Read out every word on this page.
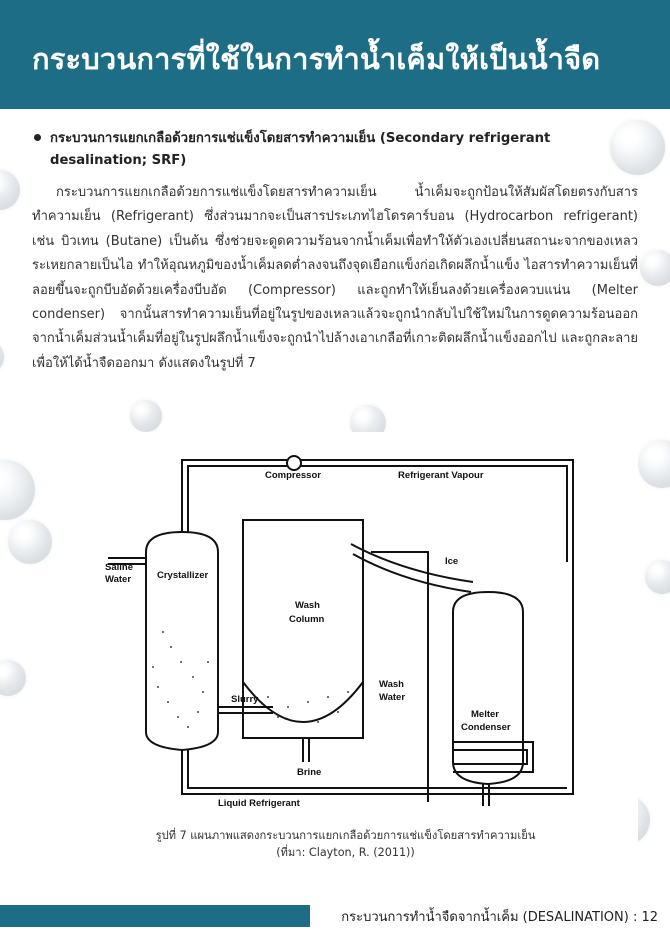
กระบวนการที่ใช้ในการทำน้ำเค็มให้เป็นน้ำจืด
กระบวนการแยกเกลือด้วยการแช่แข็งโดยสารทำความเย็น (Secondary refrigerant desalination; SRF)
กระบวนการแยกเกลือด้วยการแช่แข็งโดยสารทำความเย็น น้ำเค็มจะถูกป้อนให้สัมผัสโดยตรงกับสารทำความเย็น (Refrigerant) ซึ่งส่วนมากจะเป็นสารประเภทไฮโดรคาร์บอน (Hydrocarbon refrigerant) เช่น บิวเทน (Butane) เป็นต้น ซึ่งช่วยจะดูดความร้อนจากน้ำเค็มเพื่อทำให้ตัวเองเปลี่ยนสถานะจากของเหลวระเหยกลายเป็นไอ ทำให้อุณหภูมิของน้ำเค็มลดต่ำลงจนถึงจุดเยือกแข็งก่อเกิดผลึกน้ำแข็ง ไอสารทำความเย็นที่ลอยขึ้นจะถูกบีบอัดด้วยเครื่องบีบอัด (Compressor) และถูกทำให้เย็นลงด้วยเครื่องควบแน่น (Melter condenser) จากนั้นสารทำความเย็นที่อยู่ในรูปของเหลวแล้วจะถูกนำกลับไปใช้ใหม่ในการดูดความร้อนออกจากน้ำเค็มส่วนน้ำเค็มที่อยู่ในรูปผลึกน้ำแข็งจะถูกนำไปล้างเอาเกลือที่เกาะติดผลึกน้ำแข็งออกไป และถูกละลายเพื่อให้ได้น้ำจืดออกมา ดังแสดงในรูปที่ 7
Compressor	Refrigerant Vapour
Saline
Water	Crystallizer
Ice
Wash
Column
Slurry
Wash
Water
Melter
Condenser
Brine
Liquid Refrigerant
รูปที่ 7 แผนภาพแสดงกระบวนการแยกเกลือด้วยการแช่แข็งโดยสารทำความเย็น
(ที่มา: Clayton, R. (2011))
กระบวนการทำน้ำจืดจากน้ำเค็ม (DESALINATION) : 12
